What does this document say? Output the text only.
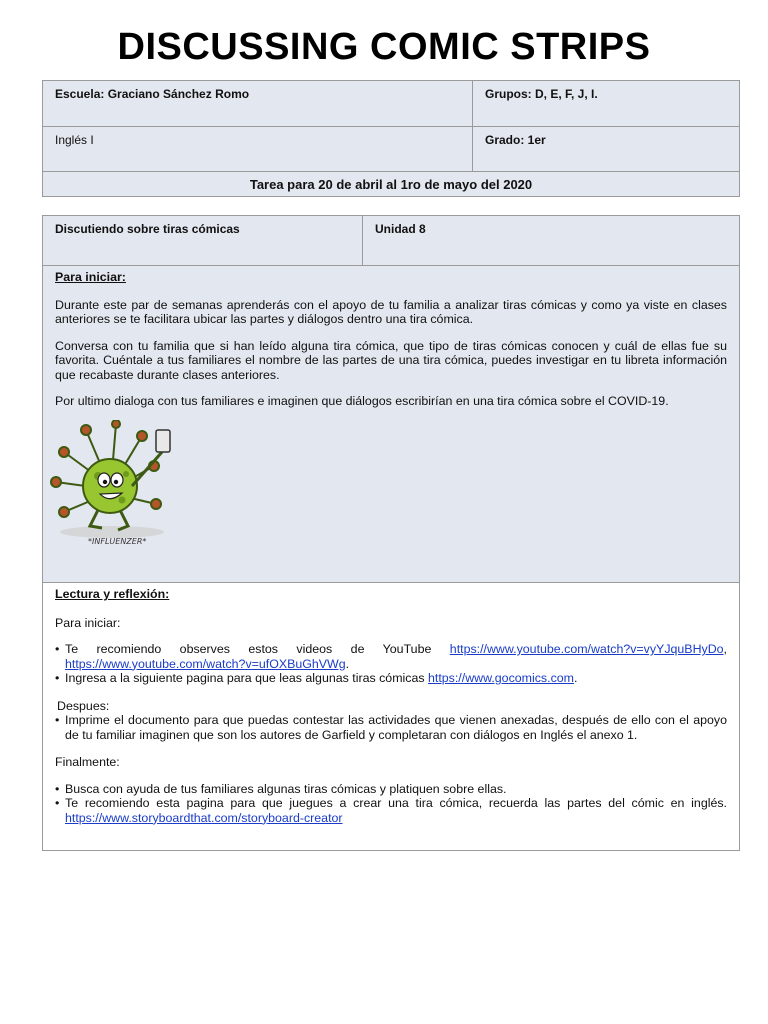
DISCUSSING COMIC STRIPS
Escuela: Graciano Sánchez Romo	Grupos: D, E, F, J, I.
Inglés I	Grado: 1er
Tarea para 20 de abril al 1ro de mayo del 2020	
Discutiendo sobre tiras cómicas	Unidad 8

Para iniciar:

Durante este par de semanas aprenderás con el apoyo de tu familia a analizar tiras cómicas y como ya viste en clases anteriores se te facilitara ubicar las partes y diálogos dentro una tira cómica.

Conversa con tu familia que si han leído alguna tira cómica, que tipo de tiras cómicas conocen y cuál de ellas fue su favorita. Cuéntale a tus familiares el nombre de las partes de una tira cómica, puedes investigar en tu libreta información que recabaste durante clases anteriores.

Por ultimo dialoga con tus familiares e imaginen que diálogos escribirían en una tira cómica sobre el COVID-19.

Lectura y reflexión:

Para iniciar:

• Te recomiendo observes estos videos de YouTube https://www.youtube.com/watch?v=vyYJquBHyDo, https://www.youtube.com/watch?v=ufOXBuGhVWg.
• Ingresa a la siguiente pagina para que leas algunas tiras cómicas https://www.gocomics.com.
Despues:
• Imprime el documento para que puedas contestar las actividades que vienen anexadas, después de ello con el apoyo de tu familiar imaginen que son los autores de Garfield y completaran con diálogos en Inglés el anexo 1.

Finalmente:

• Busca con ayuda de tus familiares algunas tiras cómicas y platiquen sobre ellas.
• Te recomiendo esta pagina para que juegues a crear una tira cómica, recuerda las partes del cómic en inglés. https://www.storyboardthat.com/storyboard-creator
*INFLUENZER*
